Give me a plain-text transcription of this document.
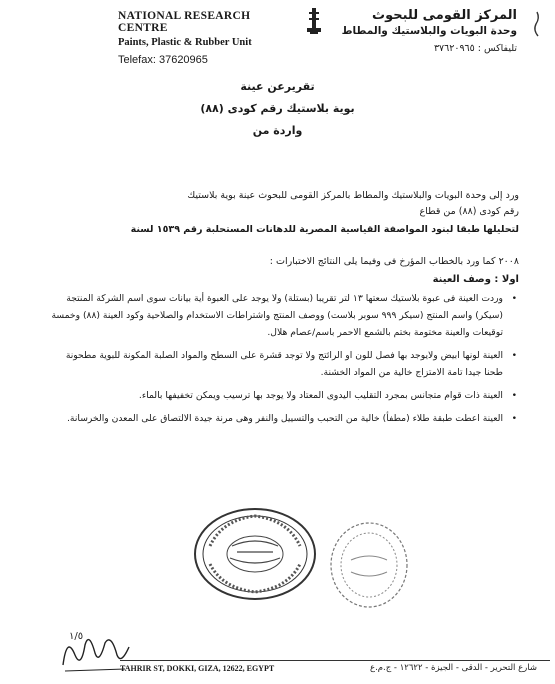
NATIONAL RESEARCH CENTRE
Paints, Plastic & Rubber Unit
Telefax: 37620965
المركز القومى للبحوث
وحدة البويات والبلاستيك والمطاط
تليفاكس : ٣٧٦٢٠٩٦٥
تقريرعن عينة
بوية بلاستيك رقم كودى (٨٨)
واردة من
ورد إلى وحدة البويات والبلاستيك والمطاط بالمركز القومى للبحوث عينة بوية بلاستيك
رقم كودى (٨٨) من قطاع
لتحليلها طبقا لبنود المواصفة القياسية المصرية للدهانات المستحلبة رقم ١٥٣٩ لسنة
٢٠٠٨ كما ورد بالخطاب المؤرخ فى وفيما يلى النتائج الاختبارات :
اولا : وصف العينة
•
وردت العينة فى عبوة بلاستيك سعتها ١٣ لتر تقريبا (بستلة) ولا يوجد على العبوة أية بيانات سوى اسم الشركة المنتجة (سيكر) واسم المنتج (سيكر ٩٩٩ سوبر بلاست) ووصف المنتج واشتراطات الاستخدام والصلاحية وكود العينة (٨٨) وخمسة توقيعات والعينة مختومة بختم بالشمع الاحمر باسم/عصام هلال.
•
العينة لونها ابيض ولايوجد بها فصل للون او الرائتج ولا توجد قشرة على السطح والمواد الصلبة المكونة للبوية مطحونة طحنا جيدا تامة الامتزاج خالية من المواد الخشنة.
•
العينة ذات قوام متجانس بمجرد التقليب اليدوى المعتاد ولا يوجد بها ترسيب ويمكن تخفيفها بالماء.
•
العينة اعطت طبقة طلاء (مطفأ) خالية من التحبب والتسييل والنفر وهى مرنة جيدة الالتصاق على المعدن والخرسانة.
١/٥
TAHRIR ST, DOKKI, GIZA, 12622, EGYPT	شارع التحرير - الدقى - الجيزة - ١٢٦٢٢ - ج.م.ع
